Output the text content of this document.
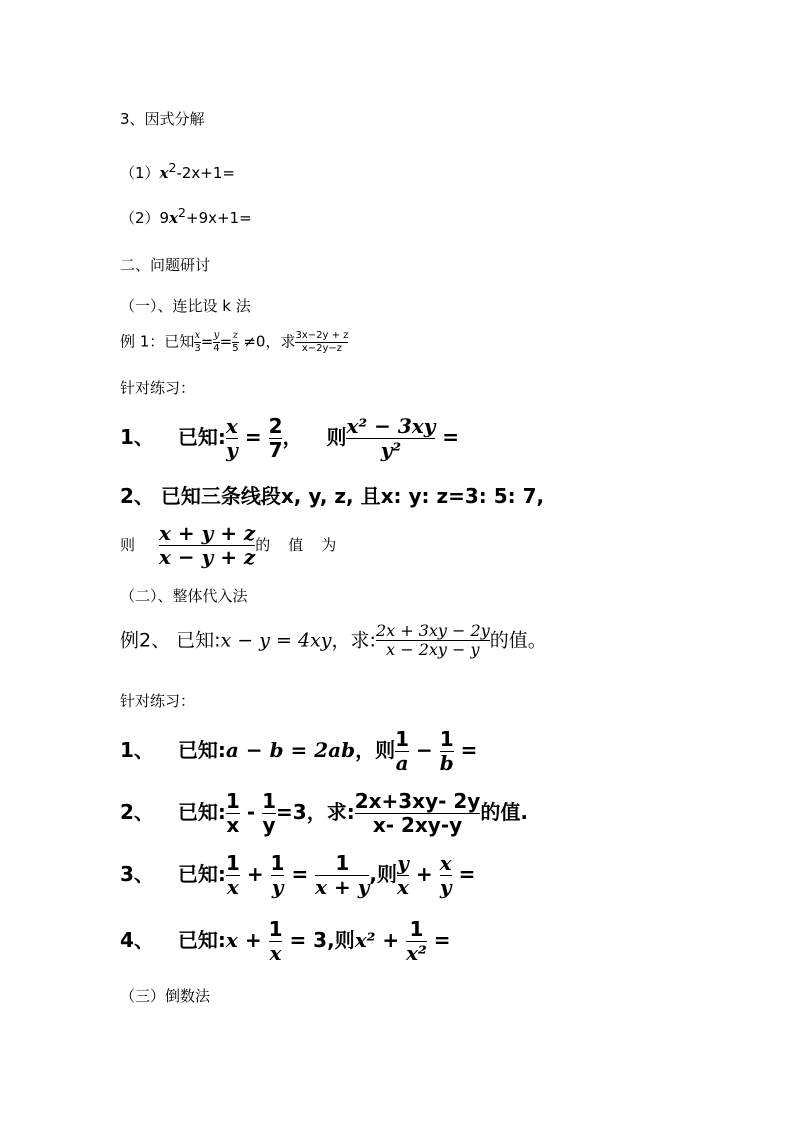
3、因式分解
$(1)x^2-2x+1=$
$(2)9x^2+9x+1=$
二、问题研讨
（一）、连比设 k 法
例 1：已知 $\frac{x}{3} = \frac{y}{4} = \frac{z}{5} \ne 0$，求 $\frac{3x-2y + z}{x-2y-z}$
针对练习：
1、 已知: $\frac{x}{y} = \frac{2}{7}$ ， 则 $\frac{\text{x² − 3xy}}{\text{y²}}$ =
2、 已知三条线段x, y, z, 且x: y: z=3: 5: 7,
则 $\frac{x + y + z}{x - y + z}$ 的值为
（二）、整体代入法
例2、 已知:x − y = 4xy，求: $\frac{2x + 3xy - 2y}{x - 2xy - y}$ 的值。
针对练习：
1、 已知:a − b = 2ab，则 $\frac{1}{a} - \frac{1}{b}$ =
2、 已知: $\frac{1}{x} - \frac{1}{y} =3$，求: $\frac{2x+3xy- 2y}{x- 2xy-y}$ 的值.
3、 已知: $\frac{1}{x} + \frac{1}{y} = \frac{1}{x + y}$ ,则 $\frac{y}{x} + \frac{x}{y}$ =
4、 已知:x + $\frac{1}{x} = 3$,则$x^2 + \frac{1}{\text{x²}}$ =
（三）倒数法
